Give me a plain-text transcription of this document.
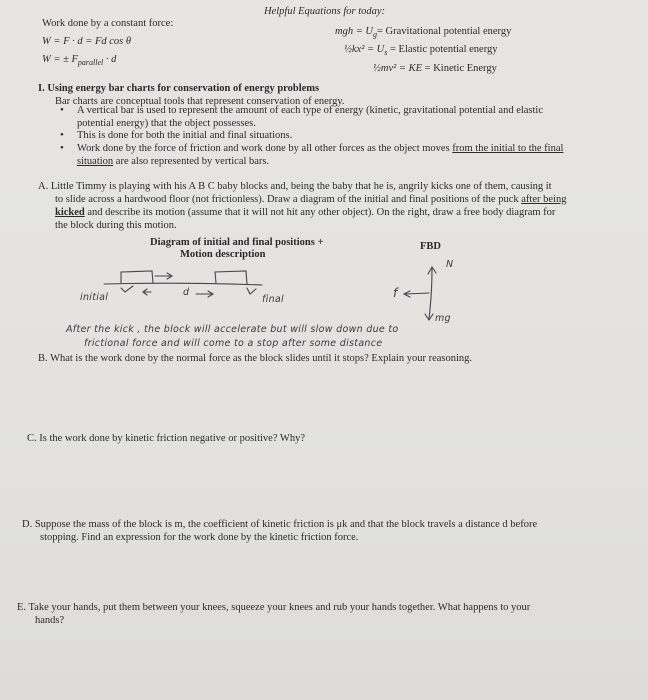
Helpful Equations for today:
Work done by a constant force:
W = F · d = Fd cos θ
W = ± $F_{parallel} \cdot d$
mgh = $U_g=$ Gravitational potential energy
½kx² = $U_s$ = Elastic potential energy
½mv² = KE = Kinetic Energy
I. Using energy bar charts for conservation of energy problems
Bar charts are conceptual tools that represent conservation of energy.
• A vertical bar is used to represent the amount of each type of energy (kinetic, gravitational potential and elastic
potential energy) that the object possesses.
• This is done for both the initial and final situations.
• Work done by the force of friction and work done by all other forces as the object moves from the initial to the final
situation are also represented by vertical bars.
A. Little Timmy is playing with his A B C baby blocks and, being the baby that he is, angrily kicks one of them, causing it
to slide across a hardwood floor (not frictionless). Draw a diagram of the initial and final positions of the puck after being
kicked and describe its motion (assume that it will not hit any other object). On the right, draw a free body diagram for
the block during this motion.
Diagram of initial and final positions +
Motion description
FBD
initial	d
final	f
N
mg
After the kick , the block will accelerate but will slow down due to
frictional force and will come to a stop after some distance
B. What is the work done by the normal force as the block slides until it stops? Explain your reasoning.
C. Is the work done by kinetic friction negative or positive? Why?
D. Suppose the mass of the block is m, the coefficient of kinetic friction is μk and that the block travels a distance d before
stopping. Find an expression for the work done by the kinetic friction force.
E. Take your hands, put them between your knees, squeeze your knees and rub your hands together. What happens to your
hands?
